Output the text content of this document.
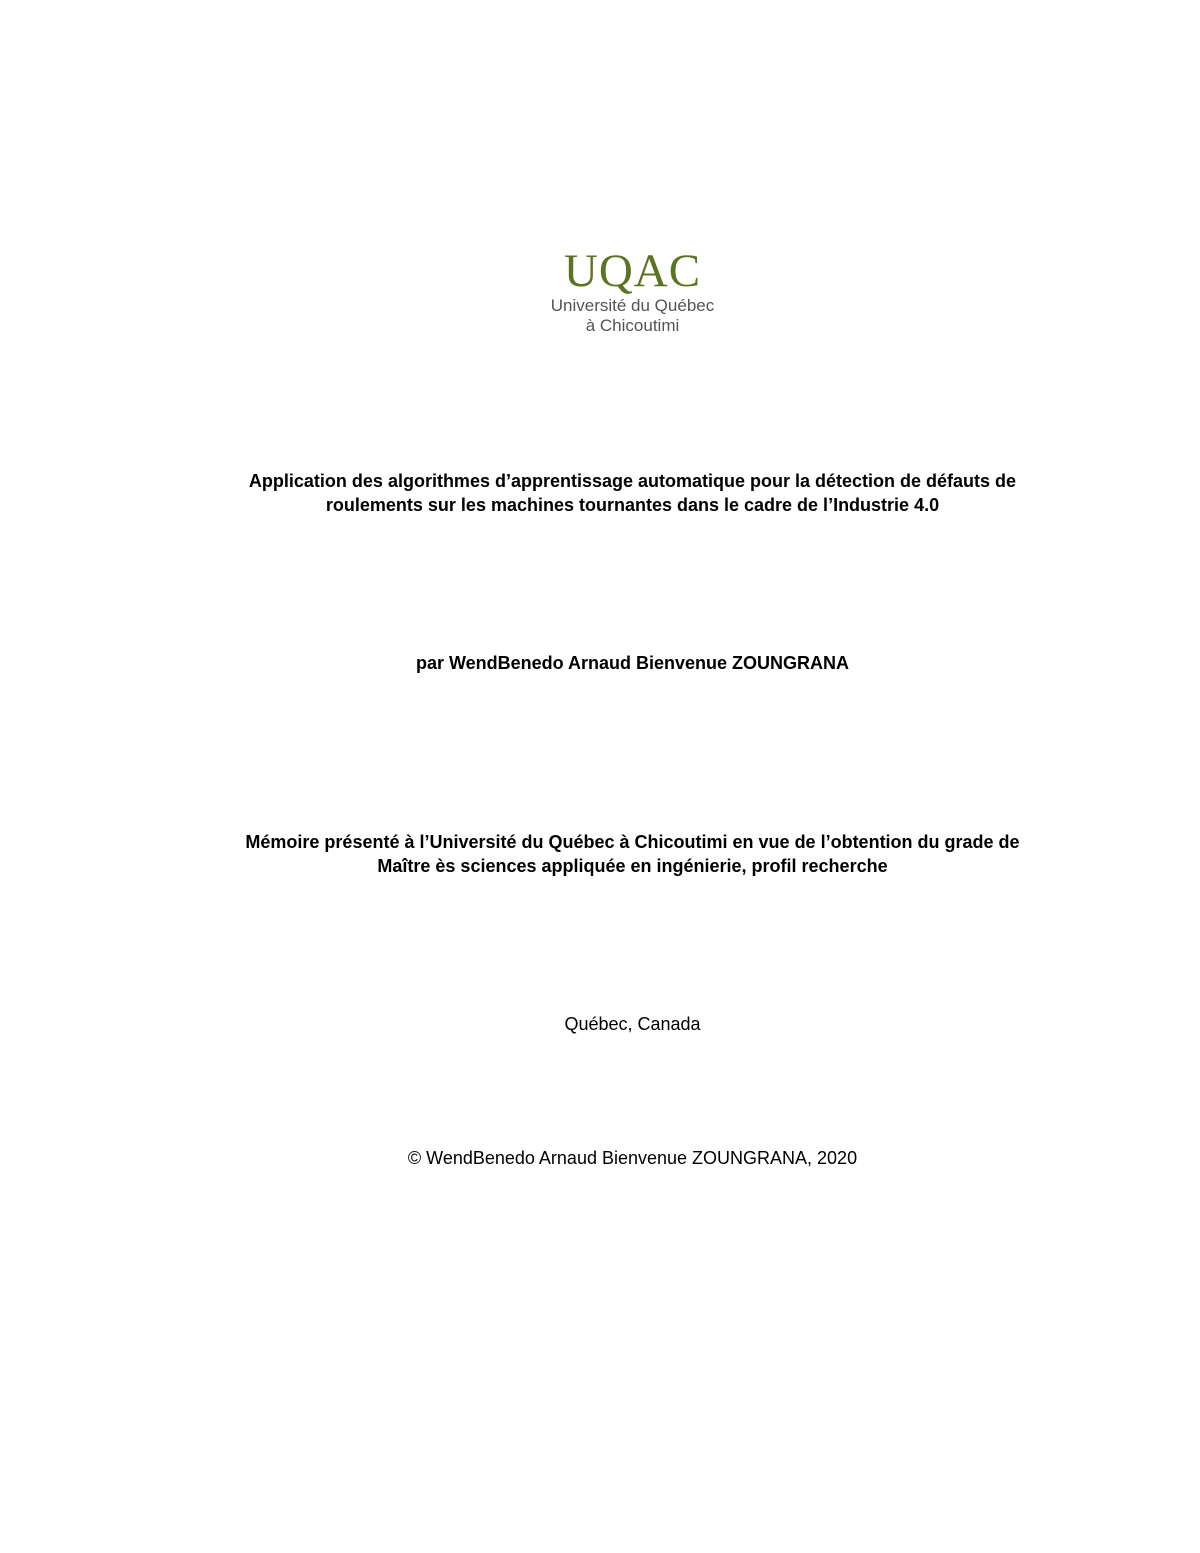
UQAC
Université du Québec
à Chicoutimi
Application des algorithmes d’apprentissage automatique pour la détection de défauts de
roulements sur les machines tournantes dans le cadre de l’Industrie 4.0
par WendBenedo Arnaud Bienvenue ZOUNGRANA
Mémoire présenté à l’Université du Québec à Chicoutimi en vue de l’obtention du grade de
Maître ès sciences appliquée en ingénierie, profil recherche
Québec, Canada
© WendBenedo Arnaud Bienvenue ZOUNGRANA, 2020
